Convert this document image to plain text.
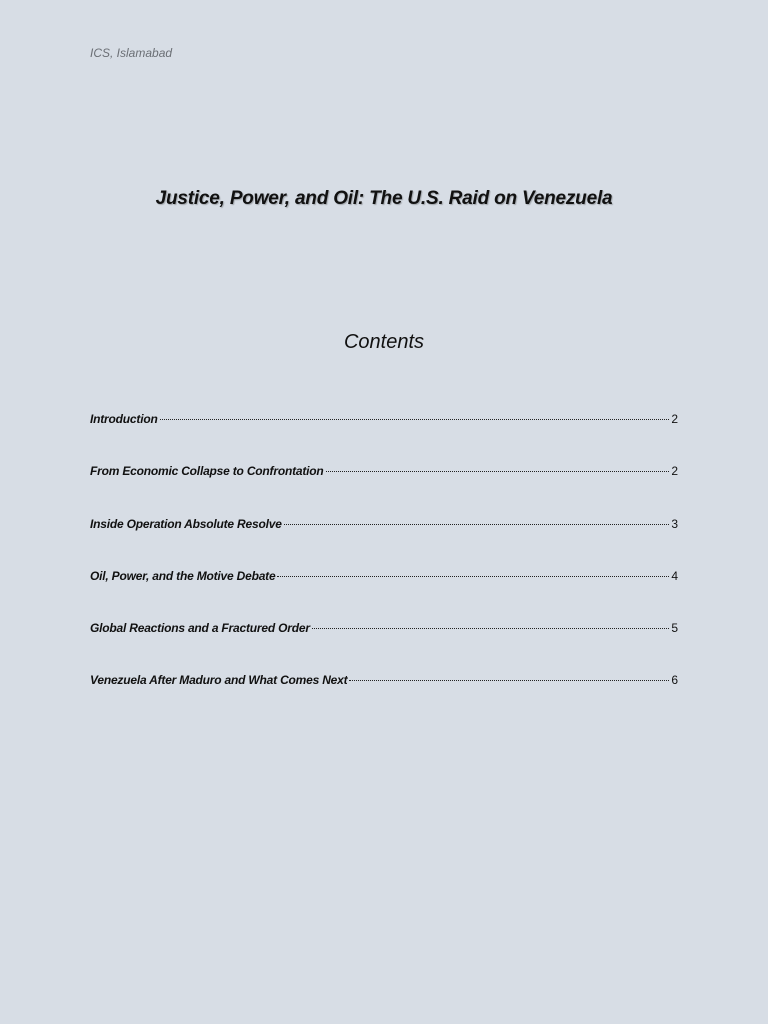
ICS, Islamabad

Justice, Power, and Oil: The U.S. Raid on Venezuela
Contents
Introduction	2
From Economic Collapse to Confrontation	2
Inside Operation Absolute Resolve	3
Oil, Power, and the Motive Debate	4
Global Reactions and a Fractured Order	5
Venezuela After Maduro and What Comes Next	6
